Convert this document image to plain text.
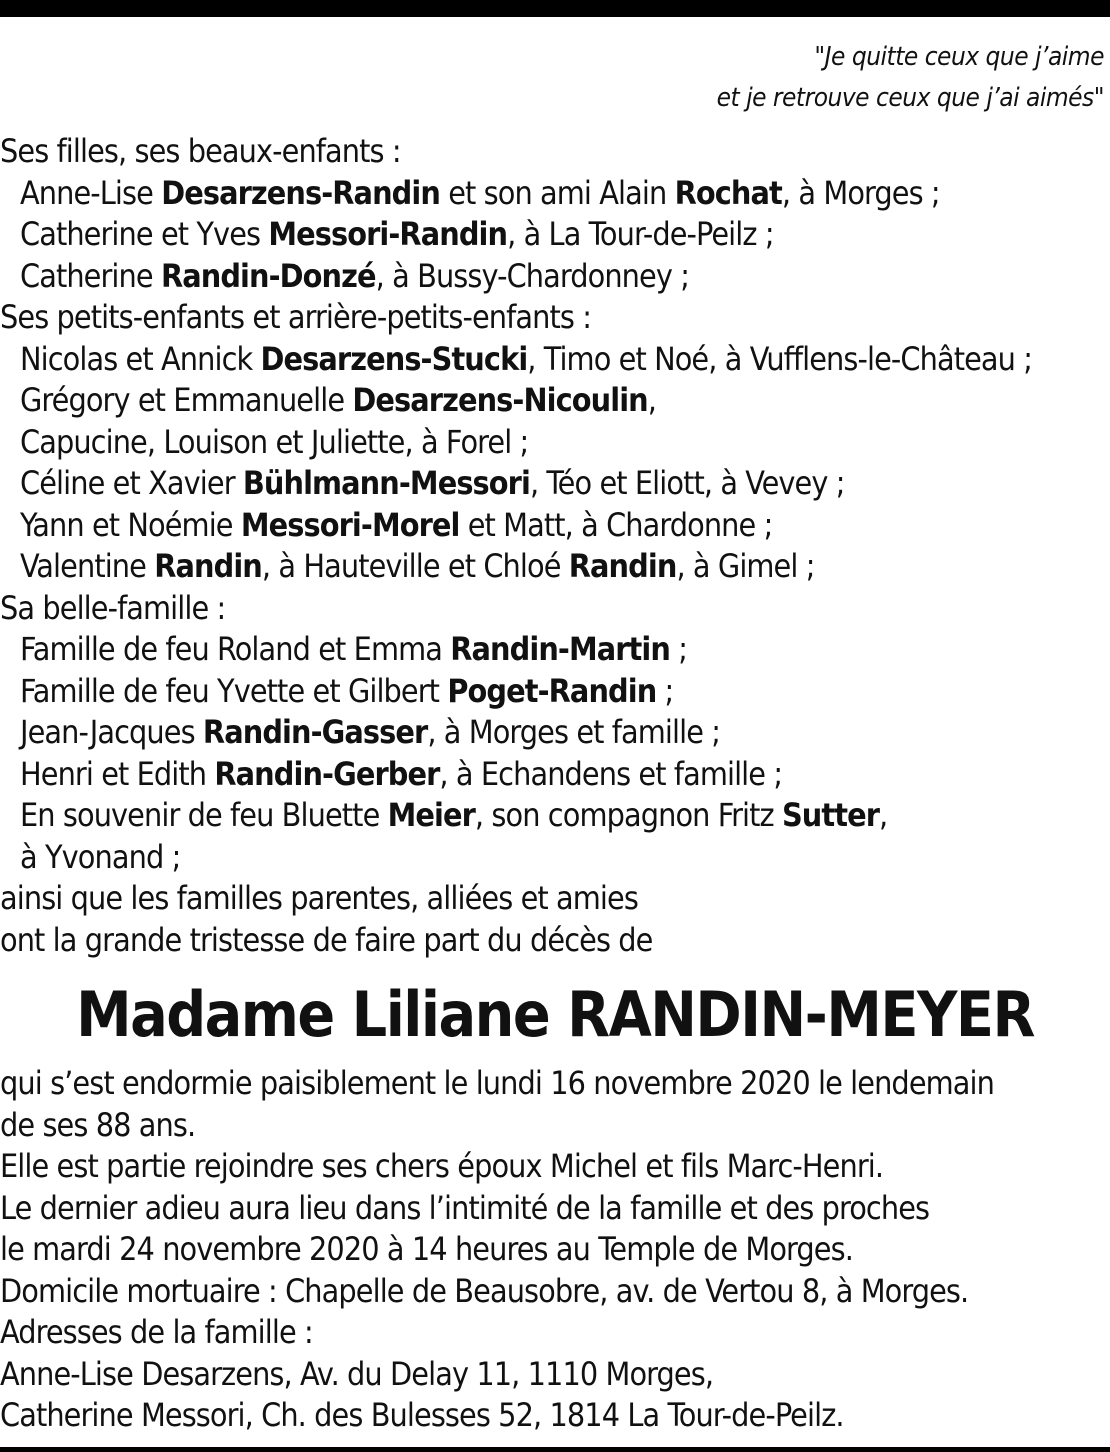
"Je quitte ceux que j’aime
et je retrouve ceux que j’ai aimés"
Ses filles, ses beaux-enfants :
Anne-Lise Desarzens-Randin et son ami Alain Rochat, à Morges ;
Catherine et Yves Messori-Randin, à La Tour-de-Peilz ;
Catherine Randin-Donzé, à Bussy-Chardonney ;
Ses petits-enfants et arrière-petits-enfants :
Nicolas et Annick Desarzens-Stucki, Timo et Noé, à Vufflens-le-Château ;
Grégory et Emmanuelle Desarzens-Nicoulin,
Capucine, Louison et Juliette, à Forel ;
Céline et Xavier Bühlmann-Messori, Téo et Eliott, à Vevey ;
Yann et Noémie Messori-Morel et Matt, à Chardonne ;
Valentine Randin, à Hauteville et Chloé Randin, à Gimel ;
Sa belle-famille :
Famille de feu Roland et Emma Randin-Martin ;
Famille de feu Yvette et Gilbert Poget-Randin ;
Jean-Jacques Randin-Gasser, à Morges et famille ;
Henri et Edith Randin-Gerber, à Echandens et famille ;
En souvenir de feu Bluette Meier, son compagnon Fritz Sutter,
à Yvonand ;
ainsi que les familles parentes, alliées et amies
ont la grande tristesse de faire part du décès de
Madame Liliane RANDIN-MEYER
qui s’est endormie paisiblement le lundi 16 novembre 2020 le lendemain
de ses 88 ans.
Elle est partie rejoindre ses chers époux Michel et fils Marc-Henri.
Le dernier adieu aura lieu dans l’intimité de la famille et des proches
le mardi 24 novembre 2020 à 14 heures au Temple de Morges.
Domicile mortuaire : Chapelle de Beausobre, av. de Vertou 8, à Morges.
Adresses de la famille :
Anne-Lise Desarzens, Av. du Delay 11, 1110 Morges,
Catherine Messori, Ch. des Bulesses 52, 1814 La Tour-de-Peilz.
